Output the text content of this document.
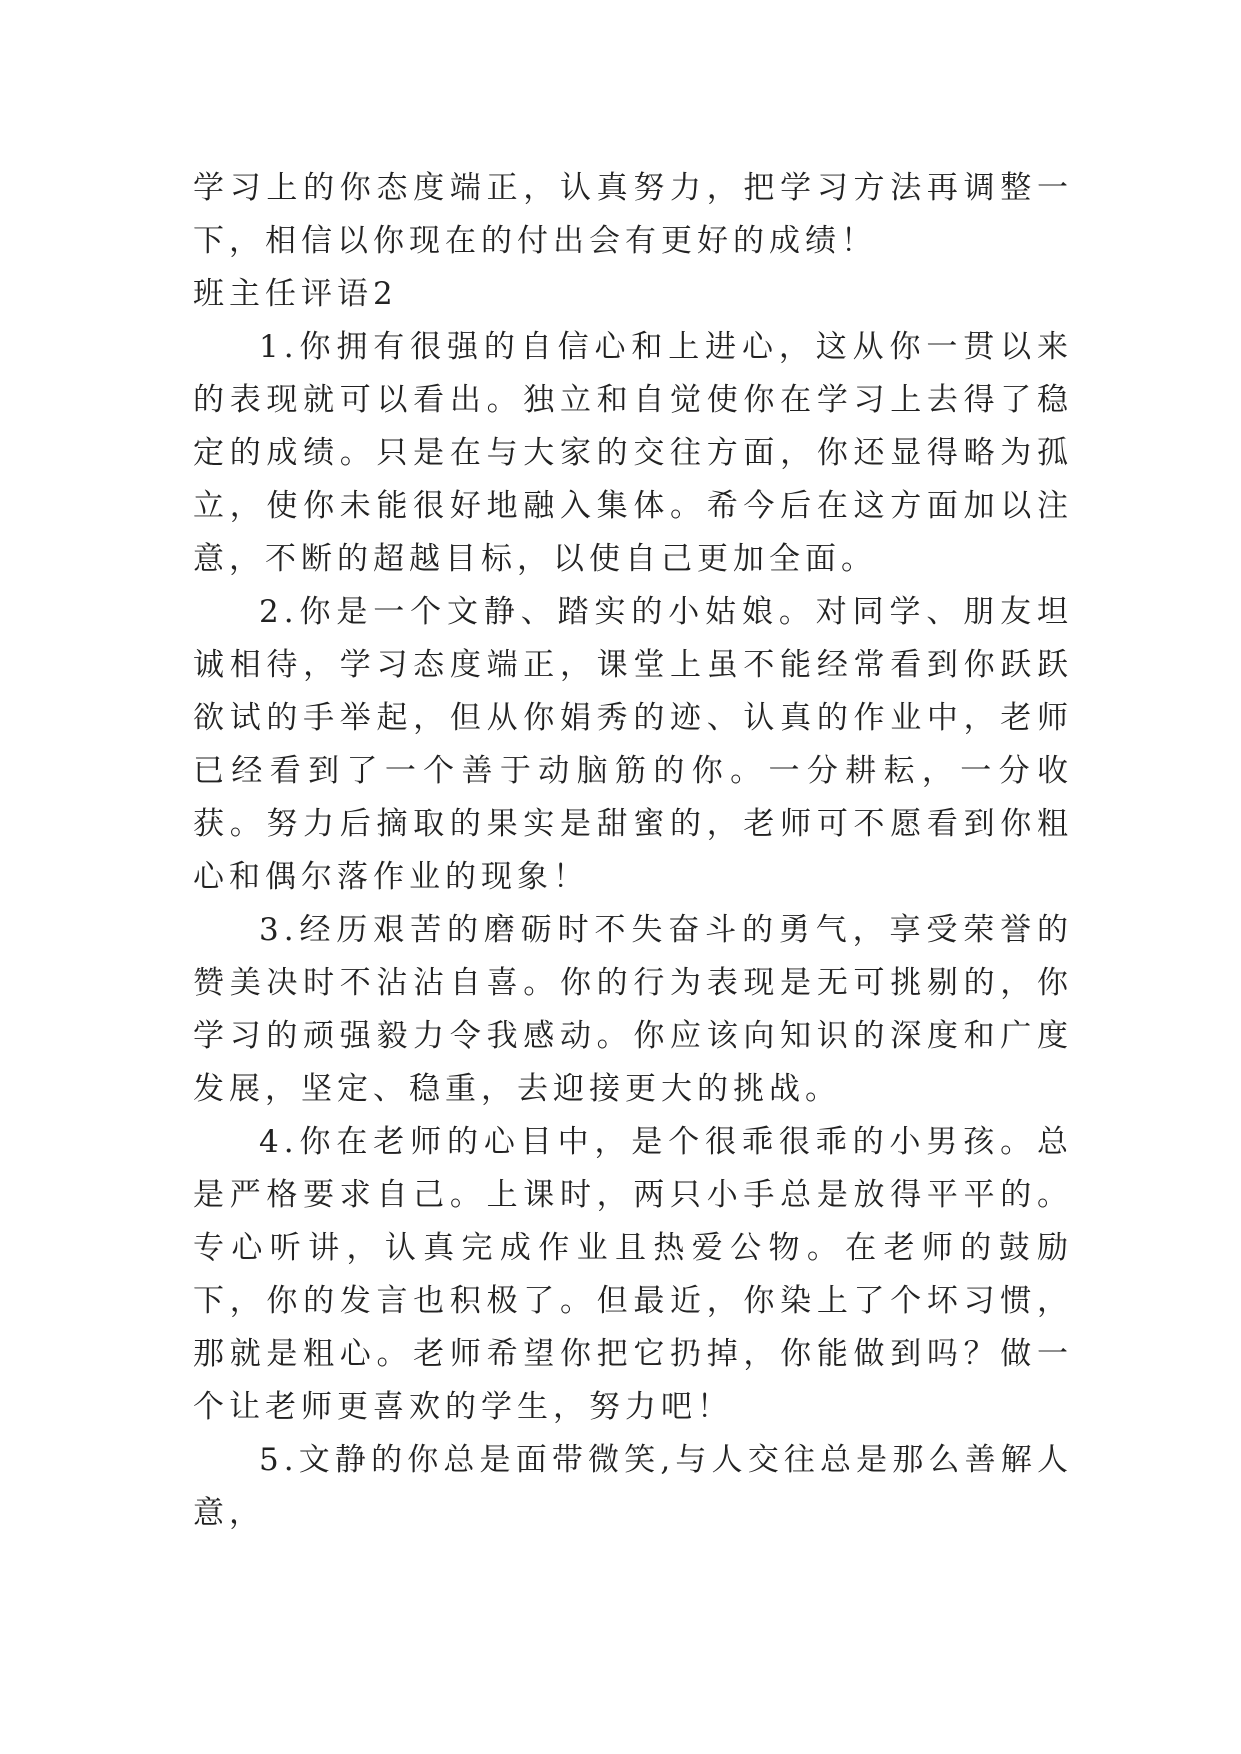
学习上的你态度端正，认真努力，把学习方法再调整一下，相信以你现在的付出会有更好的成绩！

班主任评语2

1.你拥有很强的自信心和上进心，这从你一贯以来的表现就可以看出。独立和自觉使你在学习上去得了稳定的成绩。只是在与大家的交往方面，你还显得略为孤立，使你未能很好地融入集体。希今后在这方面加以注意，不断的超越目标，以使自己更加全面。

2.你是一个文静、踏实的小姑娘。对同学、朋友坦诚相待，学习态度端正，课堂上虽不能经常看到你跃跃欲试的手举起，但从你娟秀的迹、认真的作业中，老师已经看到了一个善于动脑筋的你。一分耕耘，一分收获。努力后摘取的果实是甜蜜的，老师可不愿看到你粗心和偶尔落作业的现象！

3.经历艰苦的磨砺时不失奋斗的勇气，享受荣誉的赞美决时不沾沾自喜。你的行为表现是无可挑剔的，你学习的顽强毅力令我感动。你应该向知识的深度和广度发展，坚定、稳重，去迎接更大的挑战。

4.你在老师的心目中，是个很乖很乖的小男孩。总是严格要求自己。上课时，两只小手总是放得平平的。专心听讲，认真完成作业且热爱公物。在老师的鼓励下，你的发言也积极了。但最近，你染上了个坏习惯，那就是粗心。老师希望你把它扔掉，你能做到吗？做一个让老师更喜欢的学生，努力吧！

5.文静的你总是面带微笑,与人交往总是那么善解人意，
